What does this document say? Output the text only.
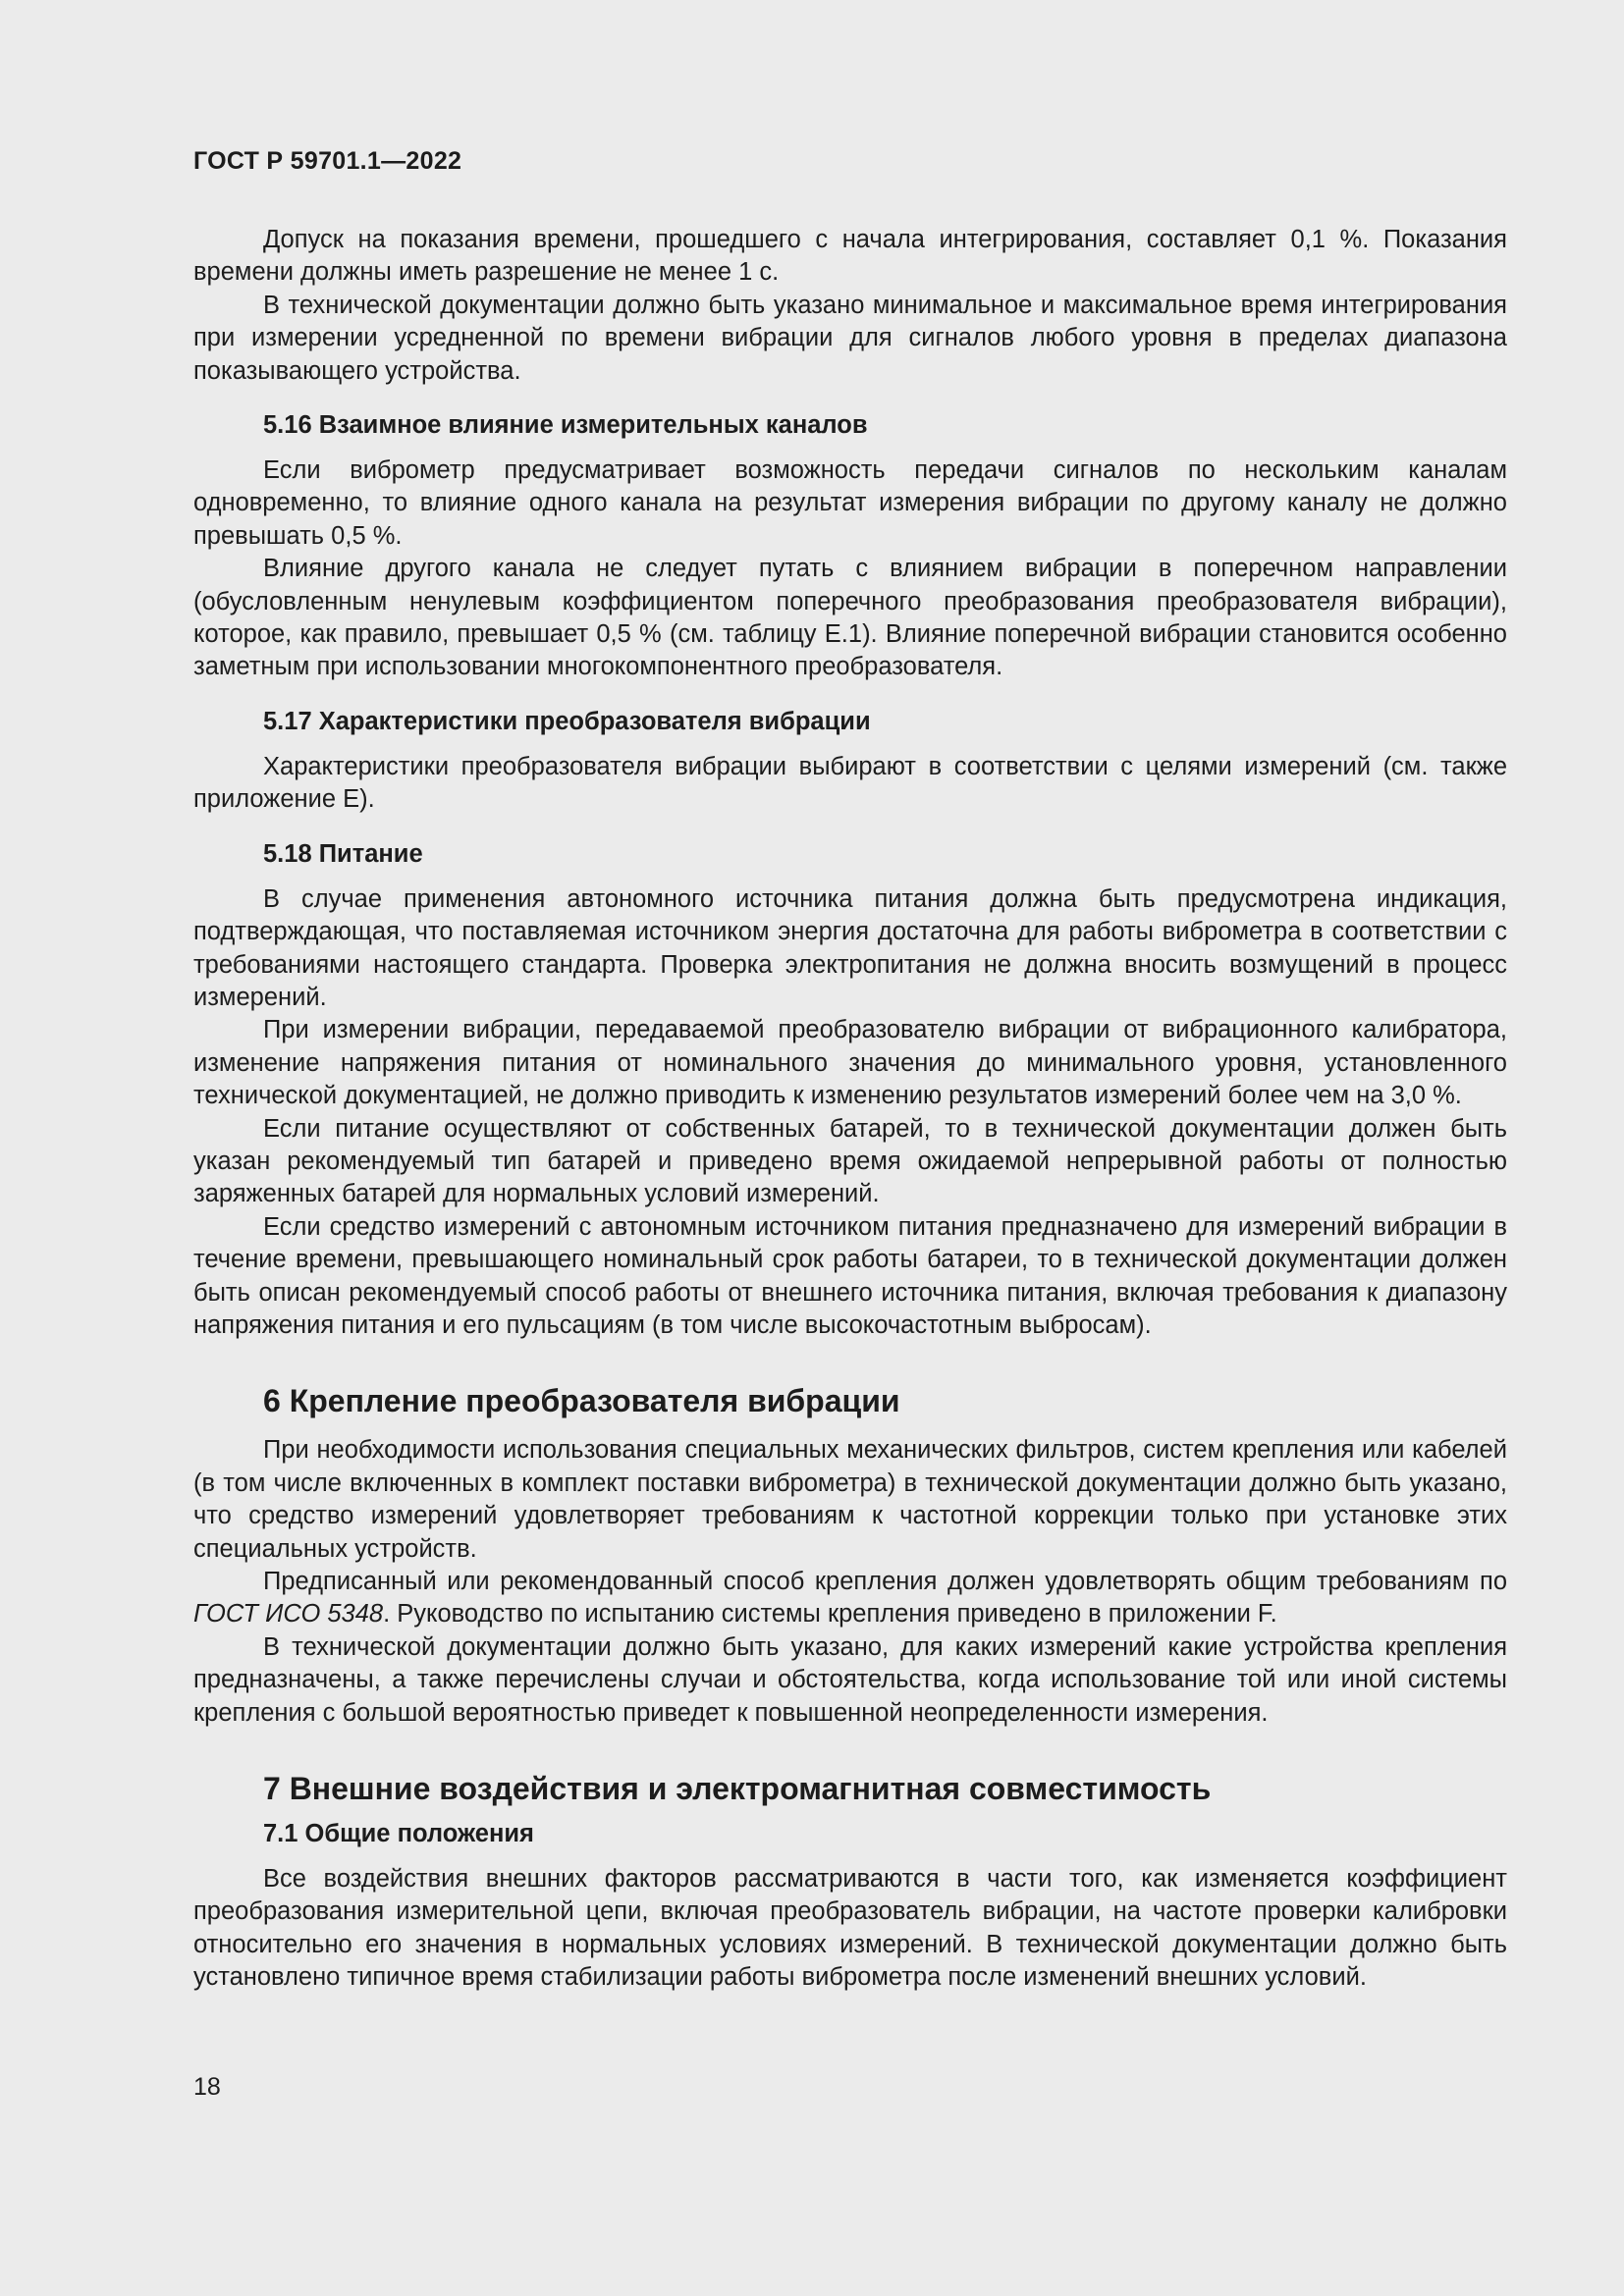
ГОСТ Р 59701.1—2022

Допуск на показания времени, прошедшего с начала интегрирования, составляет 0,1 %. Показания времени должны иметь разрешение не менее 1 с.

В технической документации должно быть указано минимальное и максимальное время интегрирования при измерении усредненной по времени вибрации для сигналов любого уровня в пределах диапазона показывающего устройства.

5.16 Взаимное влияние измерительных каналов

Если виброметр предусматривает возможность передачи сигналов по нескольким каналам одновременно, то влияние одного канала на результат измерения вибрации по другому каналу не должно превышать 0,5 %.

Влияние другого канала не следует путать с влиянием вибрации в поперечном направлении (обусловленным ненулевым коэффициентом поперечного преобразования преобразователя вибрации), которое, как правило, превышает 0,5 % (см. таблицу Е.1). Влияние поперечной вибрации становится особенно заметным при использовании многокомпонентного преобразователя.

5.17 Характеристики преобразователя вибрации

Характеристики преобразователя вибрации выбирают в соответствии с целями измерений (см. также приложение Е).

5.18 Питание

В случае применения автономного источника питания должна быть предусмотрена индикация, подтверждающая, что поставляемая источником энергия достаточна для работы виброметра в соответствии с требованиями настоящего стандарта. Проверка электропитания не должна вносить возмущений в процесс измерений.

При измерении вибрации, передаваемой преобразователю вибрации от вибрационного калибратора, изменение напряжения питания от номинального значения до минимального уровня, установленного технической документацией, не должно приводить к изменению результатов измерений более чем на 3,0 %.

Если питание осуществляют от собственных батарей, то в технической документации должен быть указан рекомендуемый тип батарей и приведено время ожидаемой непрерывной работы от полностью заряженных батарей для нормальных условий измерений.

Если средство измерений с автономным источником питания предназначено для измерений вибрации в течение времени, превышающего номинальный срок работы батареи, то в технической документации должен быть описан рекомендуемый способ работы от внешнего источника питания, включая требования к диапазону напряжения питания и его пульсациям (в том числе высокочастотным выбросам).

6 Крепление преобразователя вибрации

При необходимости использования специальных механических фильтров, систем крепления или кабелей (в том числе включенных в комплект поставки виброметра) в технической документации должно быть указано, что средство измерений удовлетворяет требованиям к частотной коррекции только при установке этих специальных устройств.

Предписанный или рекомендованный способ крепления должен удовлетворять общим требованиям по ГОСТ ИСО 5348. Руководство по испытанию системы крепления приведено в приложении F.

В технической документации должно быть указано, для каких измерений какие устройства крепления предназначены, а также перечислены случаи и обстоятельства, когда использование той или иной системы крепления с большой вероятностью приведет к повышенной неопределенности измерения.

7 Внешние воздействия и электромагнитная совместимость
7.1 Общие положения

Все воздействия внешних факторов рассматриваются в части того, как изменяется коэффициент преобразования измерительной цепи, включая преобразователь вибрации, на частоте проверки калибровки относительно его значения в нормальных условиях измерений. В технической документации должно быть установлено типичное время стабилизации работы виброметра после изменений внешних условий.

18
